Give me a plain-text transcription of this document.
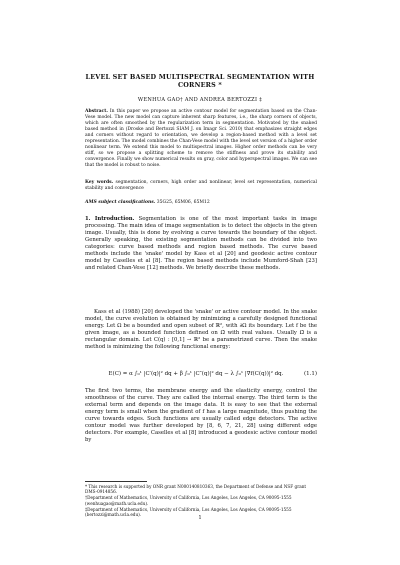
LEVEL SET BASED MULTISPECTRAL SEGMENTATION WITH
CORNERS *
WENHUA GAO† AND ANDREA BERTOZZI ‡
Abstract. In this paper we propose an active contour model for segmentation based on the Chan-Vese model. The new model can capture inherent sharp features, i.e., the sharp corners of objects, which are often smoothed by the regularization term in segmentation. Motivated by the snaked based method in (Droske and Bertozzi SIAM J. on Imagr Sci. 2010) that emphasizes straight edges and corners without regard to orientation, we develop a region-based method with a level set representation. The model combines the Chan-Vese model with the level set version of a higher order nonlinear term. We extend this model to multispectral images. Higher order methods can be very stiff, so we propose a splitting scheme to remove the stiffness and prove its stability and convergence. Finally we show numerical results on gray, color and hyperspectral images. We can see that the model is robust to noise.
Key words. segmentation, corners, high order and nonlinear, level set representation, numerical stability and convergence
AMS subject classifications. 35G25, 65M06, 65M12
1. Introduction. Segmentation is one of the most important tasks in image processing. The main idea of image segmentation is to detect the objects in the given image. Usually, this is done by evolving a curve towards the boundary of the object. Generally speaking, the existing segmentation methods can be divided into two categories: curve based methods and region based methods. The curve based methods include the 'snake' model by Kass et al [20] and geodesic active contour model by Caselles et al [8]. The region based methods include Mumford-Shah [23] and related Chan-Vese [12] methods. We briefly describe these methods.
Kass et al (1988) [20] developed the 'snake' or active contour model. In the snake model, the curve evolution is obtained by minimizing a carefully designed functional energy. Let Ω be a bounded and open subset of ℝ², with ∂Ω its boundary. Let f be the given image, as a bounded function defined on Ω̄ with real values. Usually Ω̄ is a rectangular domain. Let C(q) : [0,1] → ℝ² be a parametrized curve. Then the snake method is minimizing the following functional energy:
E(C) = α ∫₀¹ |C′(q)|² dq + β ∫₀¹ |C″(q)|² dq − λ ∫₀¹ |∇f(C(q))|² dq.	(1.1)
The first two terms, the membrane energy and the elasticity energy, control the smoothness of the curve. They are called the internal energy. The third term is the external term and depends on the image data. It is easy to see that the external energy term is small when the gradient of f has a large magnitude, thus pushing the curve towards edges. Such functions are usually called edge detectors. The active contour model was further developed by [8, 6, 7, 21, 28] using different edge detectors. For example, Caselles et al [8] introduced a geodesic active contour model by

* This research is supported by ONR grant N000140810363, the Department of Defense and NSF grant DMS-0914856.

†Department of Mathematics, University of California, Los Angeles, Los Angeles, CA 90095-1555 (wenhuagao@math.ucla.edu).

‡Department of Mathematics, University of California, Los Angeles, Los Angeles, CA 90095-1555 (bertozzi@math.ucla.edu).

1
